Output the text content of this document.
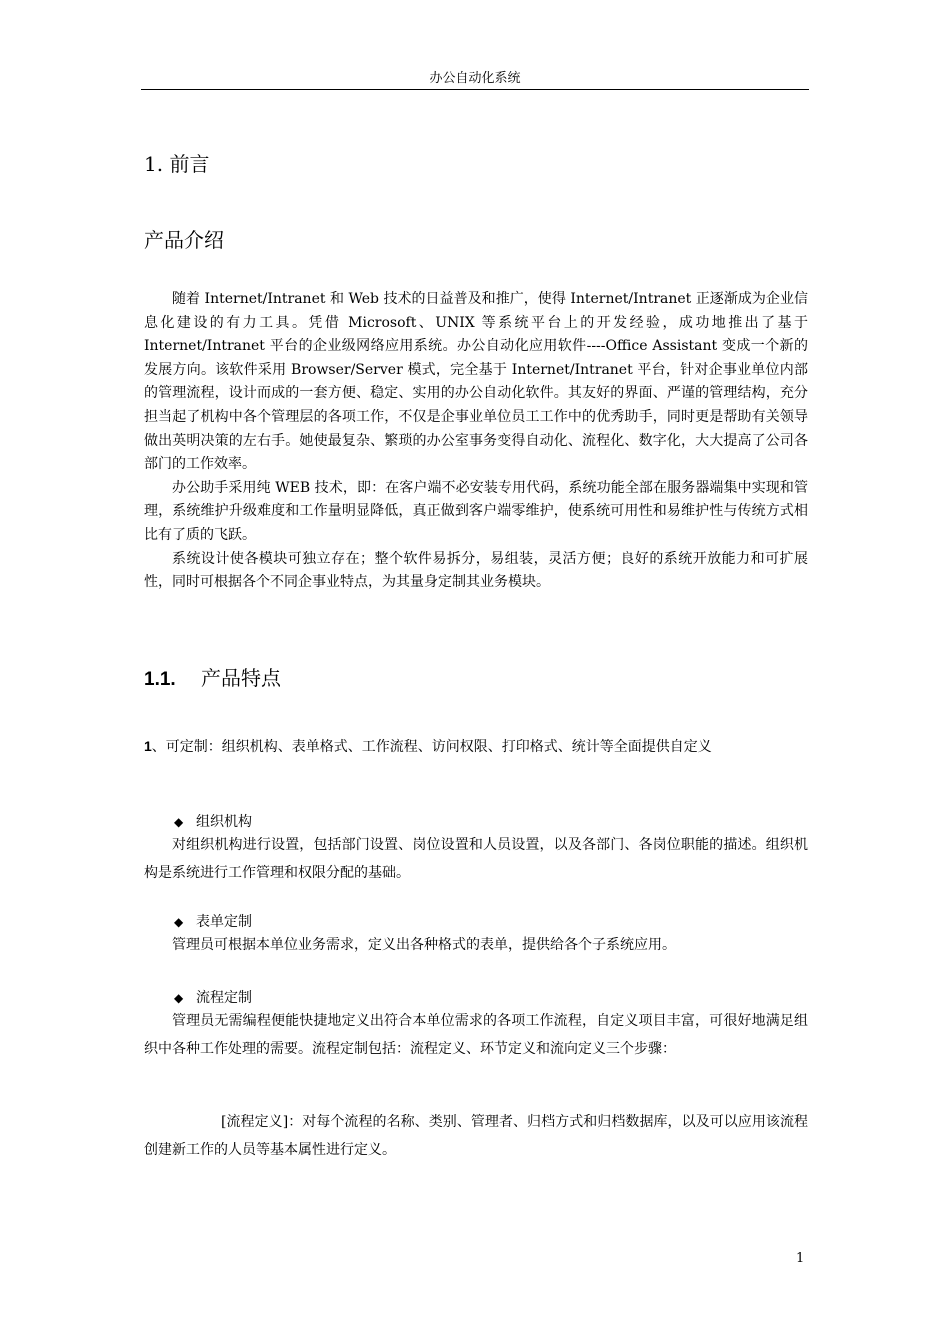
办公自动化系统
1. 前言
产品介绍

随着 Internet/Intranet 和 Web 技术的日益普及和推广，使得 Internet/Intranet 正逐渐成为企业信息化建设的有力工具。凭借 Microsoft、UNIX 等系统平台上的开发经验，成功地推出了基于 Internet/Intranet 平台的企业级网络应用系统。办公自动化应用软件----Office Assistant 变成一个新的发展方向。该软件采用 Browser/Server 模式，完全基于 Internet/Intranet 平台，针对企事业单位内部的管理流程，设计而成的一套方便、稳定、实用的办公自动化软件。其友好的界面、严谨的管理结构，充分担当起了机构中各个管理层的各项工作，不仅是企事业单位员工工作中的优秀助手，同时更是帮助有关领导做出英明决策的左右手。她使最复杂、繁琐的办公室事务变得自动化、流程化、数字化，大大提高了公司各部门的工作效率。

办公助手采用纯 WEB 技术，即：在客户端不必安装专用代码，系统功能全部在服务器端集中实现和管理，系统维护升级难度和工作量明显降低，真正做到客户端零维护，使系统可用性和易维护性与传统方式相比有了质的飞跃。

系统设计使各模块可独立存在；整个软件易拆分，易组装，灵活方便；良好的系统开放能力和可扩展性，同时可根据各个不同企事业特点，为其量身定制其业务模块。

1.1. 产品特点
1、可定制：组织机构、表单格式、工作流程、访问权限、打印格式、统计等全面提供自定义
◆ 组织机构
对组织机构进行设置，包括部门设置、岗位设置和人员设置，以及各部门、各岗位职能的描述。组织机构是系统进行工作管理和权限分配的基础。
◆ 表单定制
管理员可根据本单位业务需求，定义出各种格式的表单，提供给各个子系统应用。
◆ 流程定制
管理员无需编程便能快捷地定义出符合本单位需求的各项工作流程，自定义项目丰富，可很好地满足组织中各种工作处理的需要。流程定制包括：流程定义、环节定义和流向定义三个步骤：
[流程定义]：对每个流程的名称、类别、管理者、归档方式和归档数据库，以及可以应用该流程创建新工作的人员等基本属性进行定义。
1
